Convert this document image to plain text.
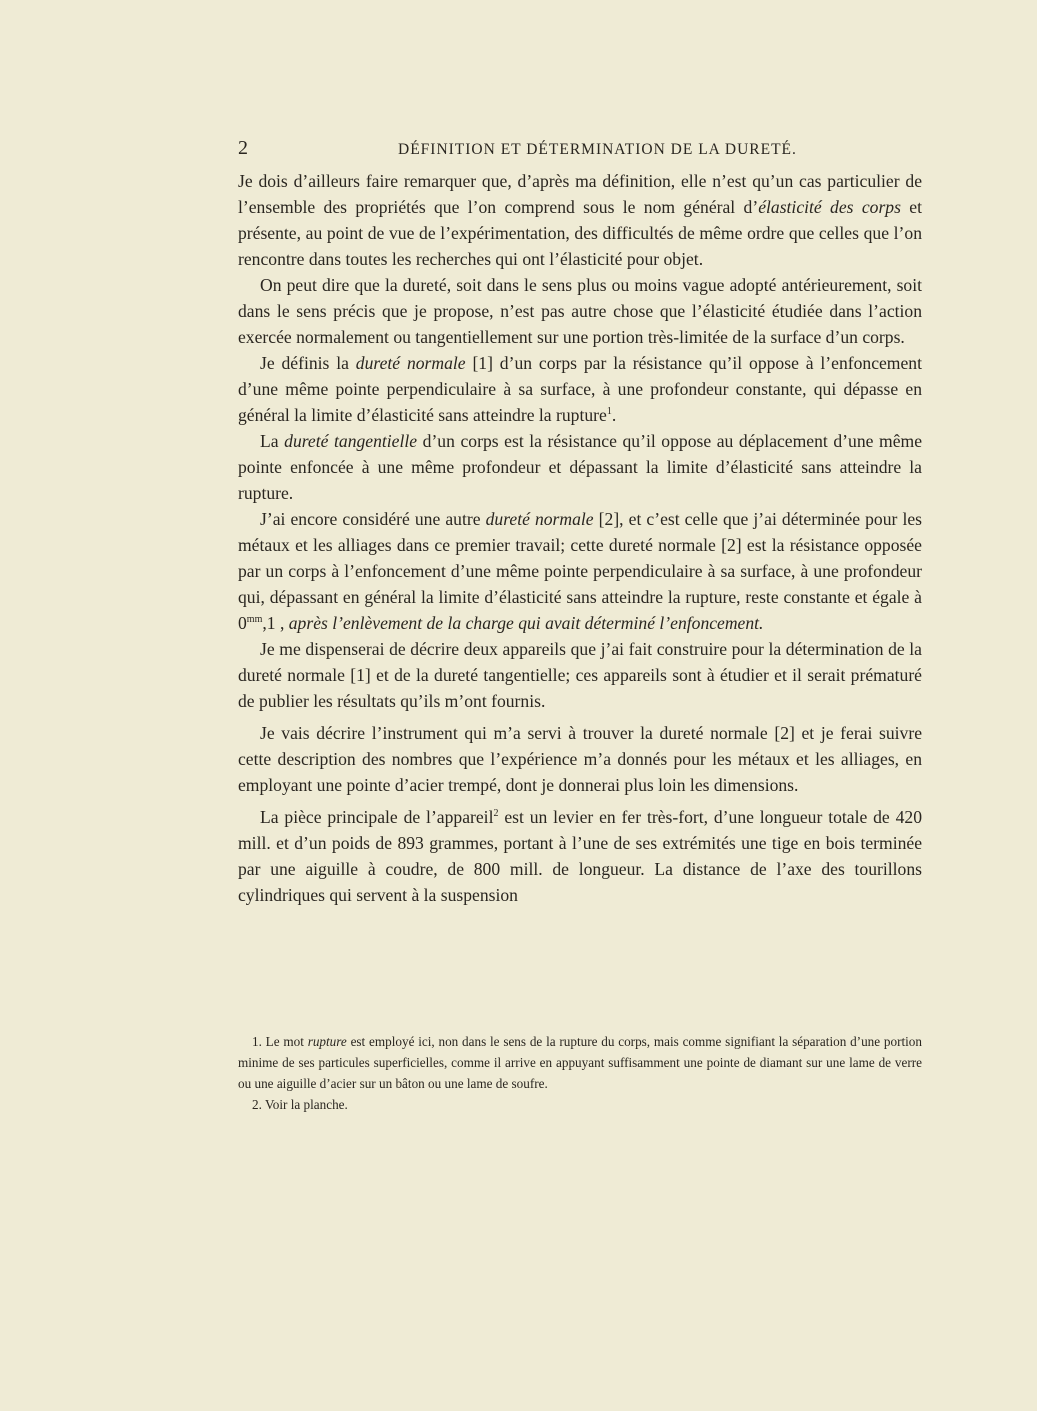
2	DÉFINITION ET DÉTERMINATION DE LA DURETÉ.

Je dois d’ailleurs faire remarquer que, d’après ma définition, elle n’est qu’un cas particulier de l’ensemble des propriétés que l’on comprend sous le nom général d’élasticité des corps et présente, au point de vue de l’expérimentation, des difficultés de même ordre que celles que l’on rencontre dans toutes les recherches qui ont l’élasticité pour objet.

On peut dire que la dureté, soit dans le sens plus ou moins vague adopté antérieurement, soit dans le sens précis que je propose, n’est pas autre chose que l’élasticité étudiée dans l’action exercée normalement ou tangentiellement sur une portion très-limitée de la surface d’un corps.

Je définis la dureté normale [1] d’un corps par la résistance qu’il oppose à l’enfoncement d’une même pointe perpendiculaire à sa surface, à une profondeur constante, qui dépasse en général la limite d’élasticité sans atteindre la rupture$^1$.

La dureté tangentielle d’un corps est la résistance qu’il oppose au déplacement d’une même pointe enfoncée à une même profondeur et dépassant la limite d’élasticité sans atteindre la rupture.

J’ai encore considéré une autre dureté normale [2], et c’est celle que j’ai déterminée pour les métaux et les alliages dans ce premier travail; cette dureté normale [2] est la résistance opposée par un corps à l’enfoncement d’une même pointe perpendiculaire à sa surface, à une profondeur qui, dépassant en général la limite d’élasticité sans atteindre la rupture, reste constante et égale à $0^{mm},1$ , après l’enlèvement de la charge qui avait déterminé l’enfoncement.

Je me dispenserai de décrire deux appareils que j’ai fait construire pour la détermination de la dureté normale [1] et de la dureté tangentielle; ces appareils sont à étudier et il serait prématuré de publier les résultats qu’ils m’ont fournis.

Je vais décrire l’instrument qui m’a servi à trouver la dureté normale [2] et je ferai suivre cette description des nombres que l’expérience m’a donnés pour les métaux et les alliages, en employant une pointe d’acier trempé, dont je donnerai plus loin les dimensions.

La pièce principale de l’appareil$^2$ est un levier en fer très-fort, d’une longueur totale de 420 mill. et d’un poids de 893 grammes, portant à l’une de ses extrémités une tige en bois terminée par une aiguille à coudre, de 800 mill. de longueur. La distance de l’axe des tourillons cylindriques qui servent à la suspension

1. Le mot rupture est employé ici, non dans le sens de la rupture du corps, mais comme signifiant la séparation d’une portion minime de ses particules superficielles, comme il arrive en appuyant suffisamment une pointe de diamant sur une lame de verre ou une aiguille d’acier sur un bâton ou une lame de soufre.

2. Voir la planche.
